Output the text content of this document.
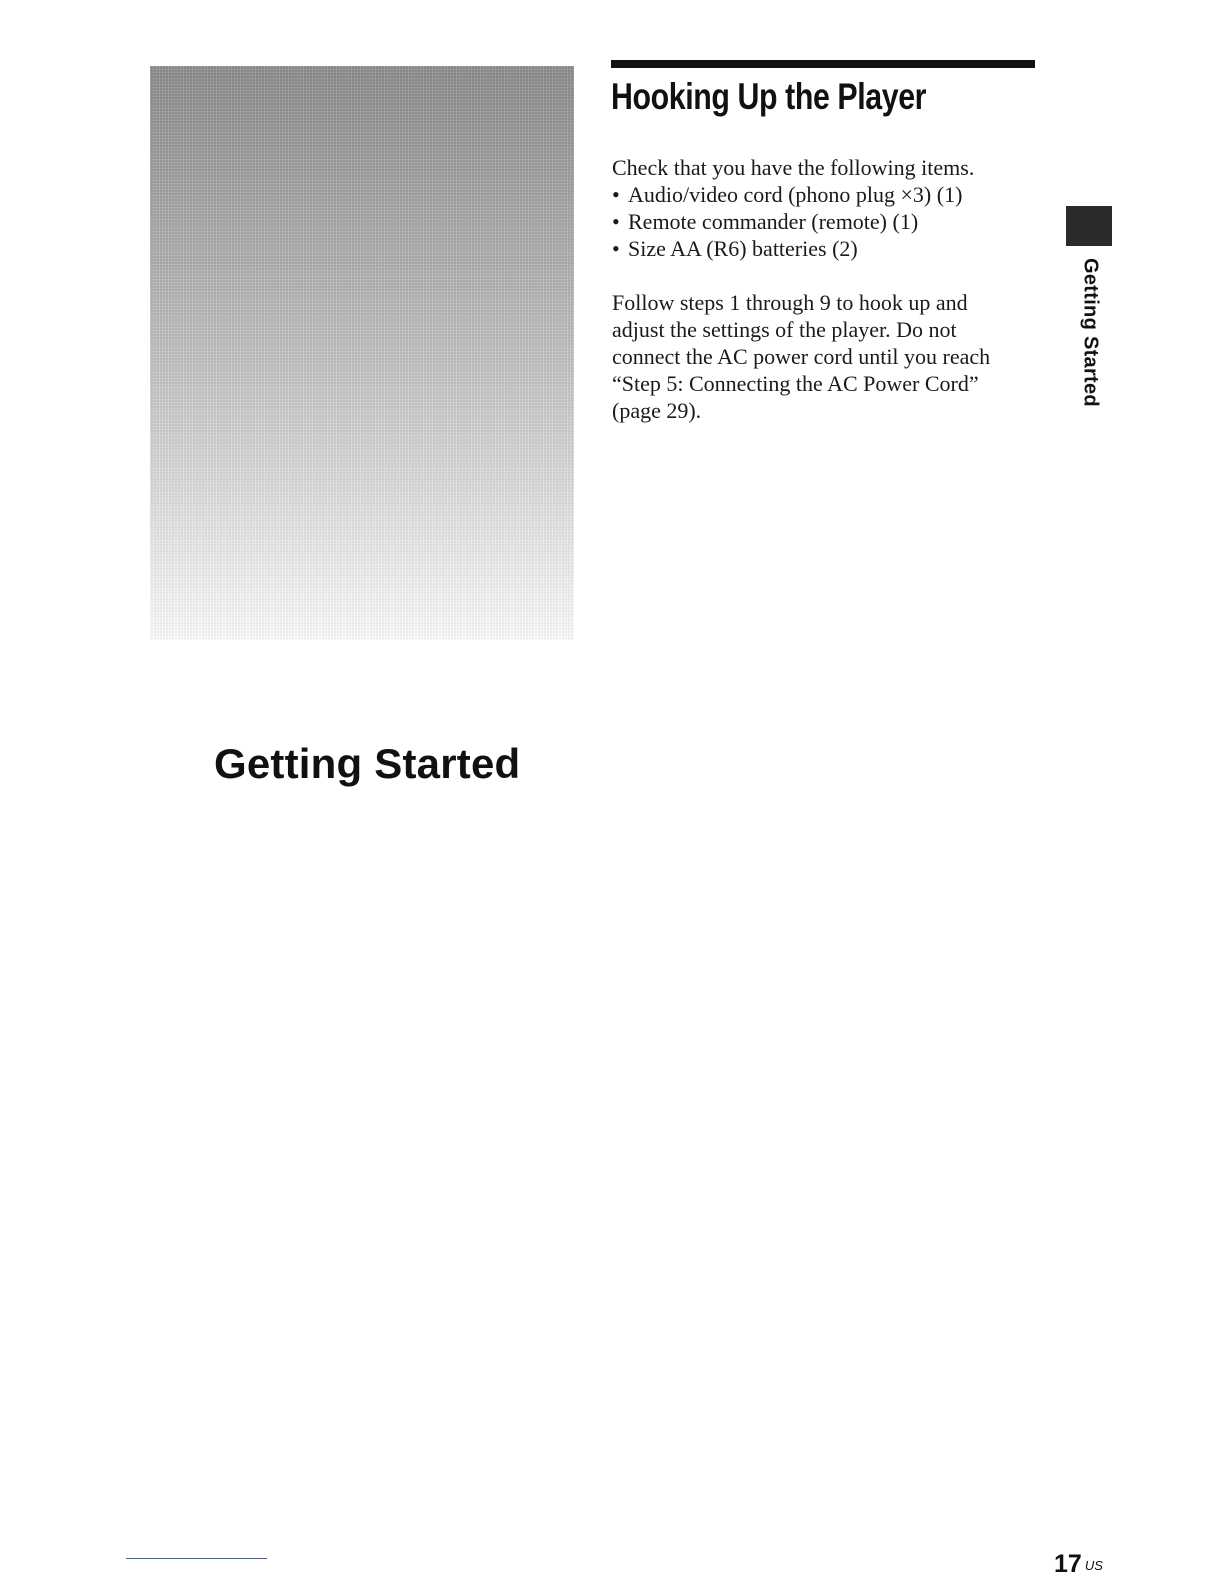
Getting Started
Hooking Up the Player

Check that you have the following items.

• Audio/video cord (phono plug ×3) (1)
• Remote commander (remote) (1)
• Size AA (R6) batteries (2)

Follow steps 1 through 9 to hook up and adjust the settings of the player. Do not connect the AC power cord until you reach “Step 5: Connecting the AC Power Cord” (page 29).

Getting Started
17 US
